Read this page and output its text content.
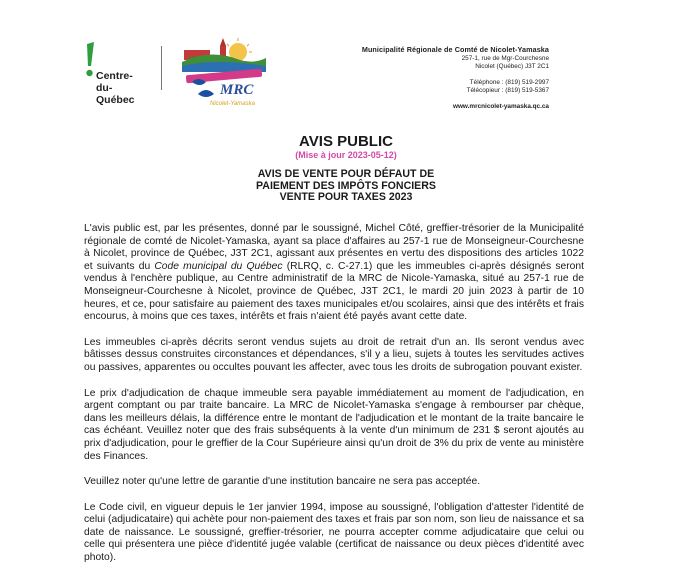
Centre-
du-
Québec
MRC
Nicolet-Yamaska
Municipalité Régionale de Comté de Nicolet-Yamaska
257-1, rue de Mgr-Courchesne
Nicolet (Québec) J3T 2C1
Téléphone : (819) 519-2997
Télécopieur : (819) 519-5367
www.mrcnicolet-yamaska.qc.ca
AVIS PUBLIC
(Mise à jour 2023-05-12)
AVIS DE VENTE POUR DÉFAUT DE
PAIEMENT DES IMPÔTS FONCIERS
VENTE POUR TAXES 2023

L'avis public est, par les présentes, donné par le soussigné, Michel Côté, greffier-trésorier de la Municipalité régionale de comté de Nicolet-Yamaska, ayant sa place d'affaires au 257-1 rue de Monseigneur-Courchesne à Nicolet, province de Québec, J3T 2C1, agissant aux présentes en vertu des dispositions des articles 1022 et suivants du Code municipal du Québec (RLRQ, c. C-27.1) que les immeubles ci-après désignés seront vendus à l'enchère publique, au Centre administratif de la MRC de Nicole-Yamaska, situé au 257-1 rue de Monseigneur-Courchesne à Nicolet, province de Québec, J3T 2C1, le mardi 20 juin 2023 à partir de 10 heures, et ce, pour satisfaire au paiement des taxes municipales et/ou scolaires, ainsi que des intérêts et frais encourus, à moins que ces taxes, intérêts et frais n'aient été payés avant cette date.

Les immeubles ci-après décrits seront vendus sujets au droit de retrait d'un an. Ils seront vendus avec bâtisses dessus construites circonstances et dépendances, s'il y a lieu, sujets à toutes les servitudes actives ou passives, apparentes ou occultes pouvant les affecter, avec tous les droits de subrogation pouvant exister.

Le prix d'adjudication de chaque immeuble sera payable immédiatement au moment de l'adjudication, en argent comptant ou par traite bancaire. La MRC de Nicolet-Yamaska s'engage à rembourser par chèque, dans les meilleurs délais, la différence entre le montant de l'adjudication et le montant de la traite bancaire le cas échéant. Veuillez noter que des frais subséquents à la vente d'un minimum de 231 $ seront ajoutés au prix d'adjudication, pour le greffier de la Cour Supérieure ainsi qu'un droit de 3% du prix de vente au ministère des Finances.

Veuillez noter qu'une lettre de garantie d'une institution bancaire ne sera pas acceptée.

Le Code civil, en vigueur depuis le 1er janvier 1994, impose au soussigné, l'obligation d'attester l'identité de celui (adjudicataire) qui achète pour non-paiement des taxes et frais par son nom, son lieu de naissance et sa date de naissance. Le soussigné, greffier-trésorier, ne pourra accepter comme adjudicataire que celui ou celle qui présentera une pièce d'identité jugée valable (certificat de naissance ou deux pièces d'identité avec photo).
